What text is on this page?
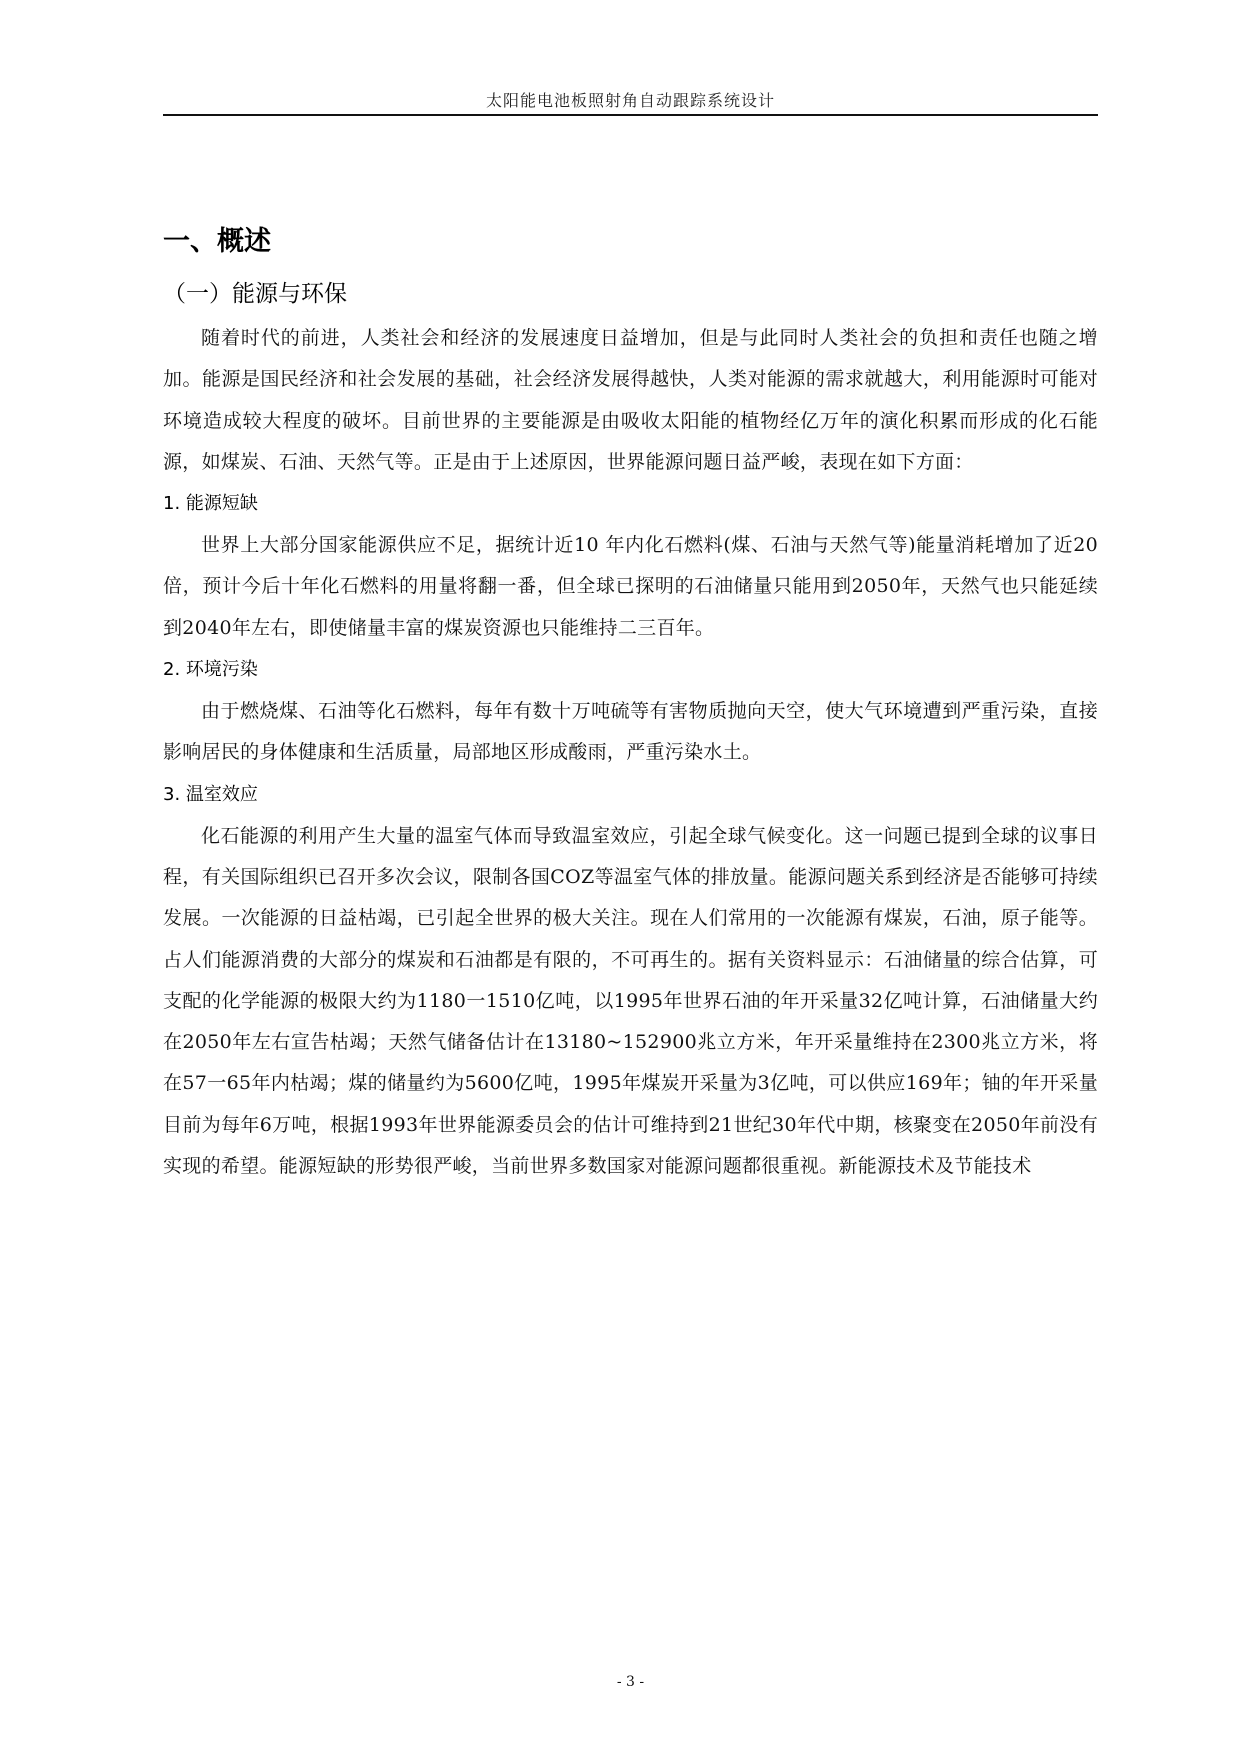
太阳能电池板照射角自动跟踪系统设计
一、概述
（一）能源与环保

随着时代的前进，人类社会和经济的发展速度日益增加，但是与此同时人类社会的负担和责任也随之增加。能源是国民经济和社会发展的基础，社会经济发展得越快，人类对能源的需求就越大，利用能源时可能对环境造成较大程度的破坏。目前世界的主要能源是由吸收太阳能的植物经亿万年的演化积累而形成的化石能源，如煤炭、石油、天然气等。正是由于上述原因，世界能源问题日益严峻，表现在如下方面：

1. 能源短缺

世界上大部分国家能源供应不足，据统计近10 年内化石燃料(煤、石油与天然气等)能量消耗增加了近20倍，预计今后十年化石燃料的用量将翻一番，但全球已探明的石油储量只能用到2050年，天然气也只能延续到2040年左右，即使储量丰富的煤炭资源也只能维持二三百年。

2. 环境污染

由于燃烧煤、石油等化石燃料，每年有数十万吨硫等有害物质抛向天空，使大气环境遭到严重污染，直接影响居民的身体健康和生活质量，局部地区形成酸雨，严重污染水土。

3. 温室效应

化石能源的利用产生大量的温室气体而导致温室效应，引起全球气候变化。这一问题已提到全球的议事日程，有关国际组织已召开多次会议，限制各国COZ等温室气体的排放量。能源问题关系到经济是否能够可持续发展。一次能源的日益枯竭，已引起全世界的极大关注。现在人们常用的一次能源有煤炭，石油，原子能等。占人们能源消费的大部分的煤炭和石油都是有限的，不可再生的。据有关资料显示：石油储量的综合估算，可支配的化学能源的极限大约为1180一1510亿吨，以1995年世界石油的年开采量32亿吨计算，石油储量大约在2050年左右宣告枯竭；天然气储备估计在13180~152900兆立方米，年开采量维持在2300兆立方米，将在57一65年内枯竭；煤的储量约为5600亿吨，1995年煤炭开采量为3亿吨，可以供应169年；铀的年开采量目前为每年6万吨，根据1993年世界能源委员会的估计可维持到21世纪30年代中期，核聚变在2050年前没有实现的希望。能源短缺的形势很严峻，当前世界多数国家对能源问题都很重视。新能源技术及节能技术

- 3 -
